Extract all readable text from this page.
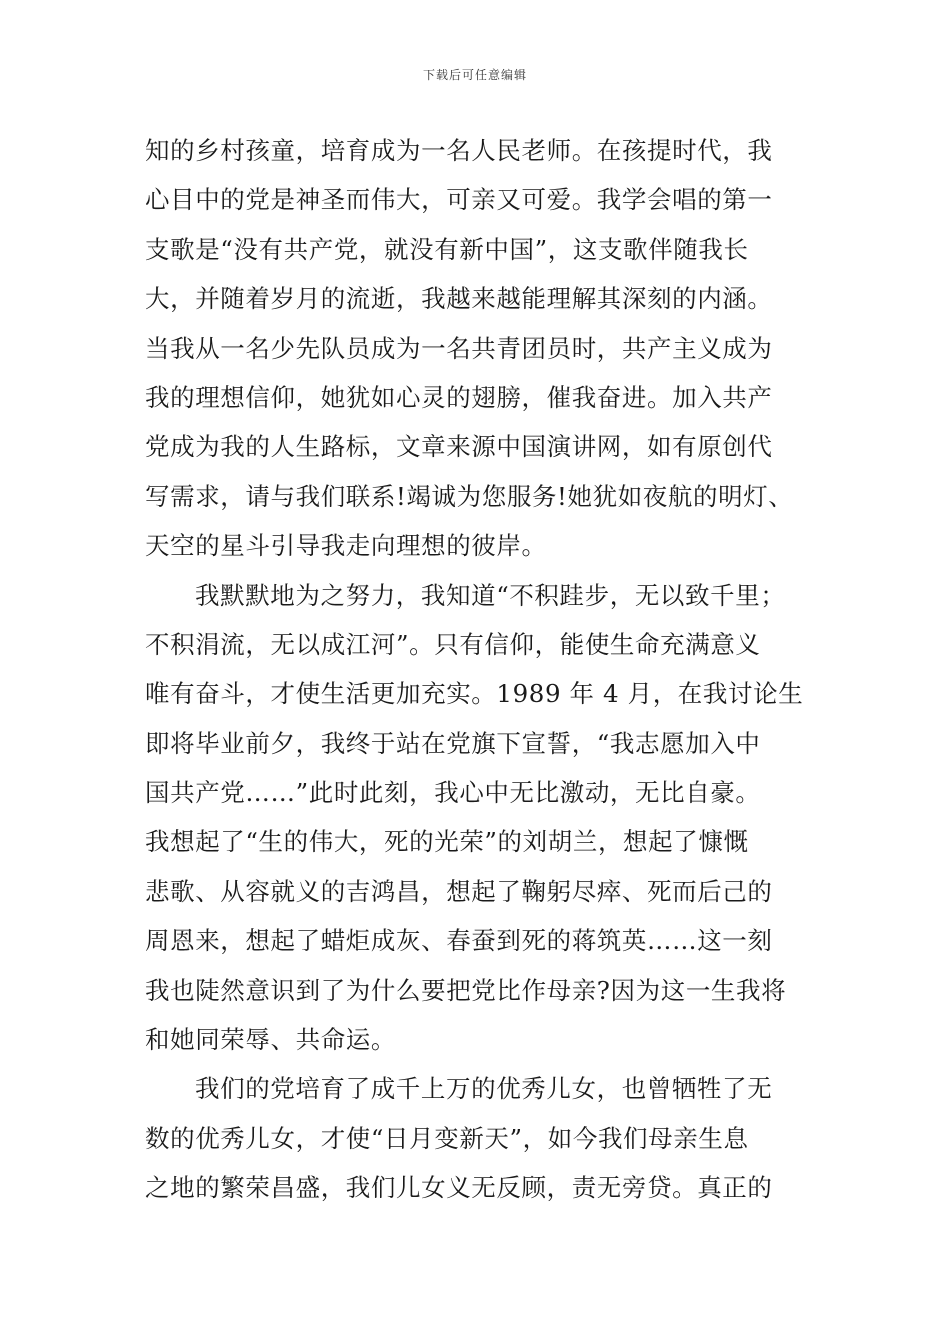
下载后可任意编辑
知的乡村孩童，培育成为一名人民老师。在孩提时代，我
心目中的党是神圣而伟大，可亲又可爱。我学会唱的第一
支歌是“没有共产党，就没有新中国”，这支歌伴随我长
大，并随着岁月的流逝，我越来越能理解其深刻的内涵。
当我从一名少先队员成为一名共青团员时，共产主义成为
我的理想信仰，她犹如心灵的翅膀，催我奋进。加入共产
党成为我的人生路标，文章来源中国演讲网，如有原创代
写需求，请与我们联系!竭诚为您服务!她犹如夜航的明灯、
天空的星斗引导我走向理想的彼岸。
我默默地为之努力，我知道“不积跬步，无以致千里；
不积涓流，无以成江河”。只有信仰，能使生命充满意义
唯有奋斗，才使生活更加充实。1989 年 4 月，在我讨论生
即将毕业前夕，我终于站在党旗下宣誓，“我志愿加入中
国共产党……”此时此刻，我心中无比激动，无比自豪。
我想起了“生的伟大，死的光荣”的刘胡兰，想起了慷慨
悲歌、从容就义的吉鸿昌，想起了鞠躬尽瘁、死而后己的
周恩来，想起了蜡炬成灰、春蚕到死的蒋筑英……这一刻
我也陡然意识到了为什么要把党比作母亲?因为这一生我将
和她同荣辱、共命运。
我们的党培育了成千上万的优秀儿女，也曾牺牲了无
数的优秀儿女，才使“日月变新天”，如今我们母亲生息
之地的繁荣昌盛，我们儿女义无反顾，责无旁贷。真正的
